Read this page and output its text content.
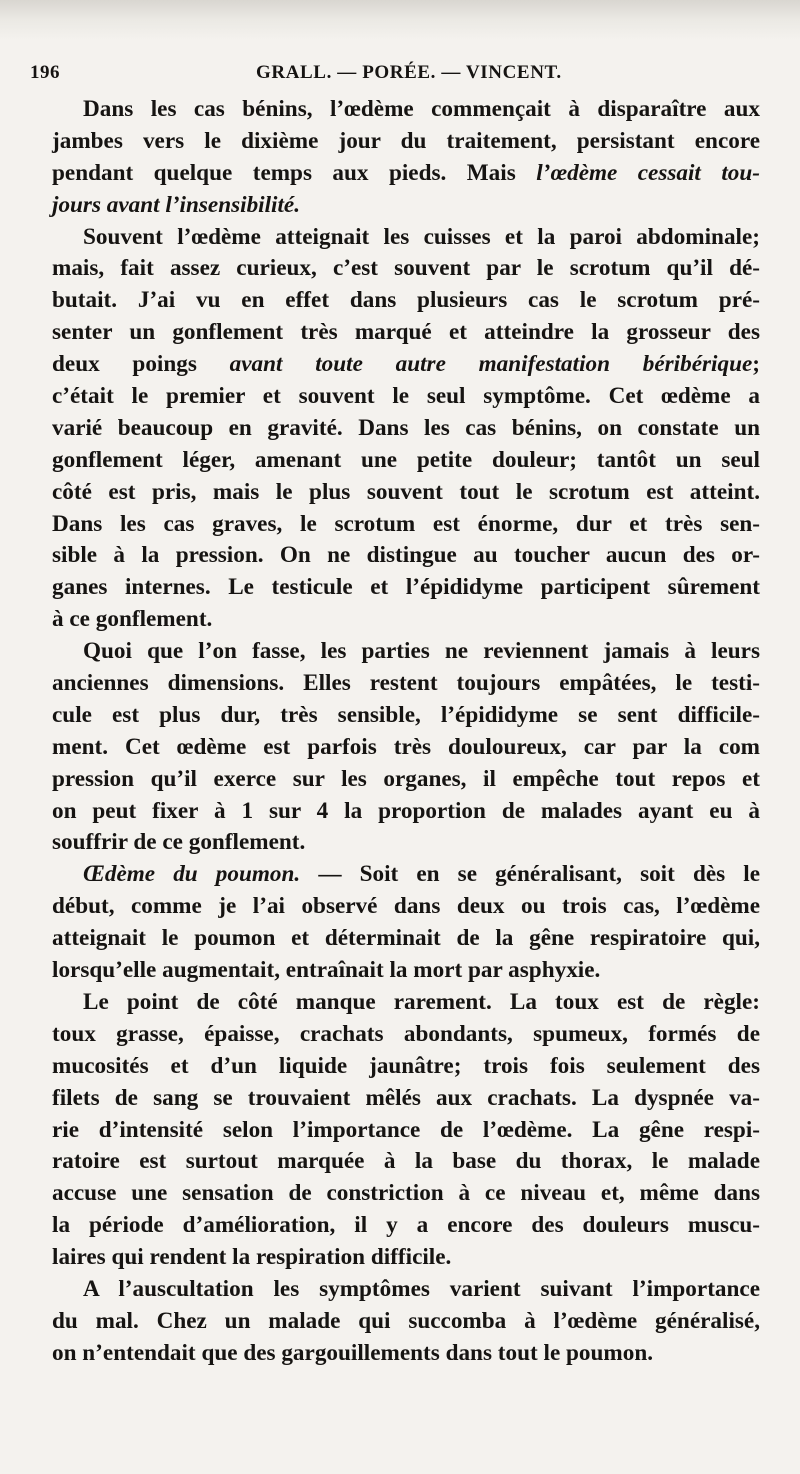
196	GRALL. — PORÉE. — VINCENT.
Dans les cas bénins, l’œdème commençait à disparaître aux
jambes vers le dixième jour du traitement, persistant encore
pendant quelque temps aux pieds. Mais l’œdème cessait tou-
jours avant l’insensibilité.
Souvent l’œdème atteignait les cuisses et la paroi abdominale;
mais, fait assez curieux, c’est souvent par le scrotum qu’il dé-
butait. J’ai vu en effet dans plusieurs cas le scrotum pré-
senter un gonflement très marqué et atteindre la grosseur des
deux poings avant toute autre manifestation béribérique;
c’était le premier et souvent le seul symptôme. Cet œdème a
varié beaucoup en gravité. Dans les cas bénins, on constate un
gonflement léger, amenant une petite douleur; tantôt un seul
côté est pris, mais le plus souvent tout le scrotum est atteint.
Dans les cas graves, le scrotum est énorme, dur et très sen-
sible à la pression. On ne distingue au toucher aucun des or-
ganes internes. Le testicule et l’épididyme participent sûrement
à ce gonflement.
Quoi que l’on fasse, les parties ne reviennent jamais à leurs
anciennes dimensions. Elles restent toujours empâtées, le testi-
cule est plus dur, très sensible, l’épididyme se sent difficile-
ment. Cet œdème est parfois très douloureux, car par la com
pression qu’il exerce sur les organes, il empêche tout repos et
on peut fixer à 1 sur 4 la proportion de malades ayant eu à
souffrir de ce gonflement.
Œdème du poumon. — Soit en se généralisant, soit dès le
début, comme je l’ai observé dans deux ou trois cas, l’œdème
atteignait le poumon et déterminait de la gêne respiratoire qui,
lorsqu’elle augmentait, entraînait la mort par asphyxie.
Le point de côté manque rarement. La toux est de règle:
toux grasse, épaisse, crachats abondants, spumeux, formés de
mucosités et d’un liquide jaunâtre; trois fois seulement des
filets de sang se trouvaient mêlés aux crachats. La dyspnée va-
rie d’intensité selon l’importance de l’œdème. La gêne respi-
ratoire est surtout marquée à la base du thorax, le malade
accuse une sensation de constriction à ce niveau et, même dans
la période d’amélioration, il y a encore des douleurs muscu-
laires qui rendent la respiration difficile.
A l’auscultation les symptômes varient suivant l’importance
du mal. Chez un malade qui succomba à l’œdème généralisé,
on n’entendait que des gargouillements dans tout le poumon.
